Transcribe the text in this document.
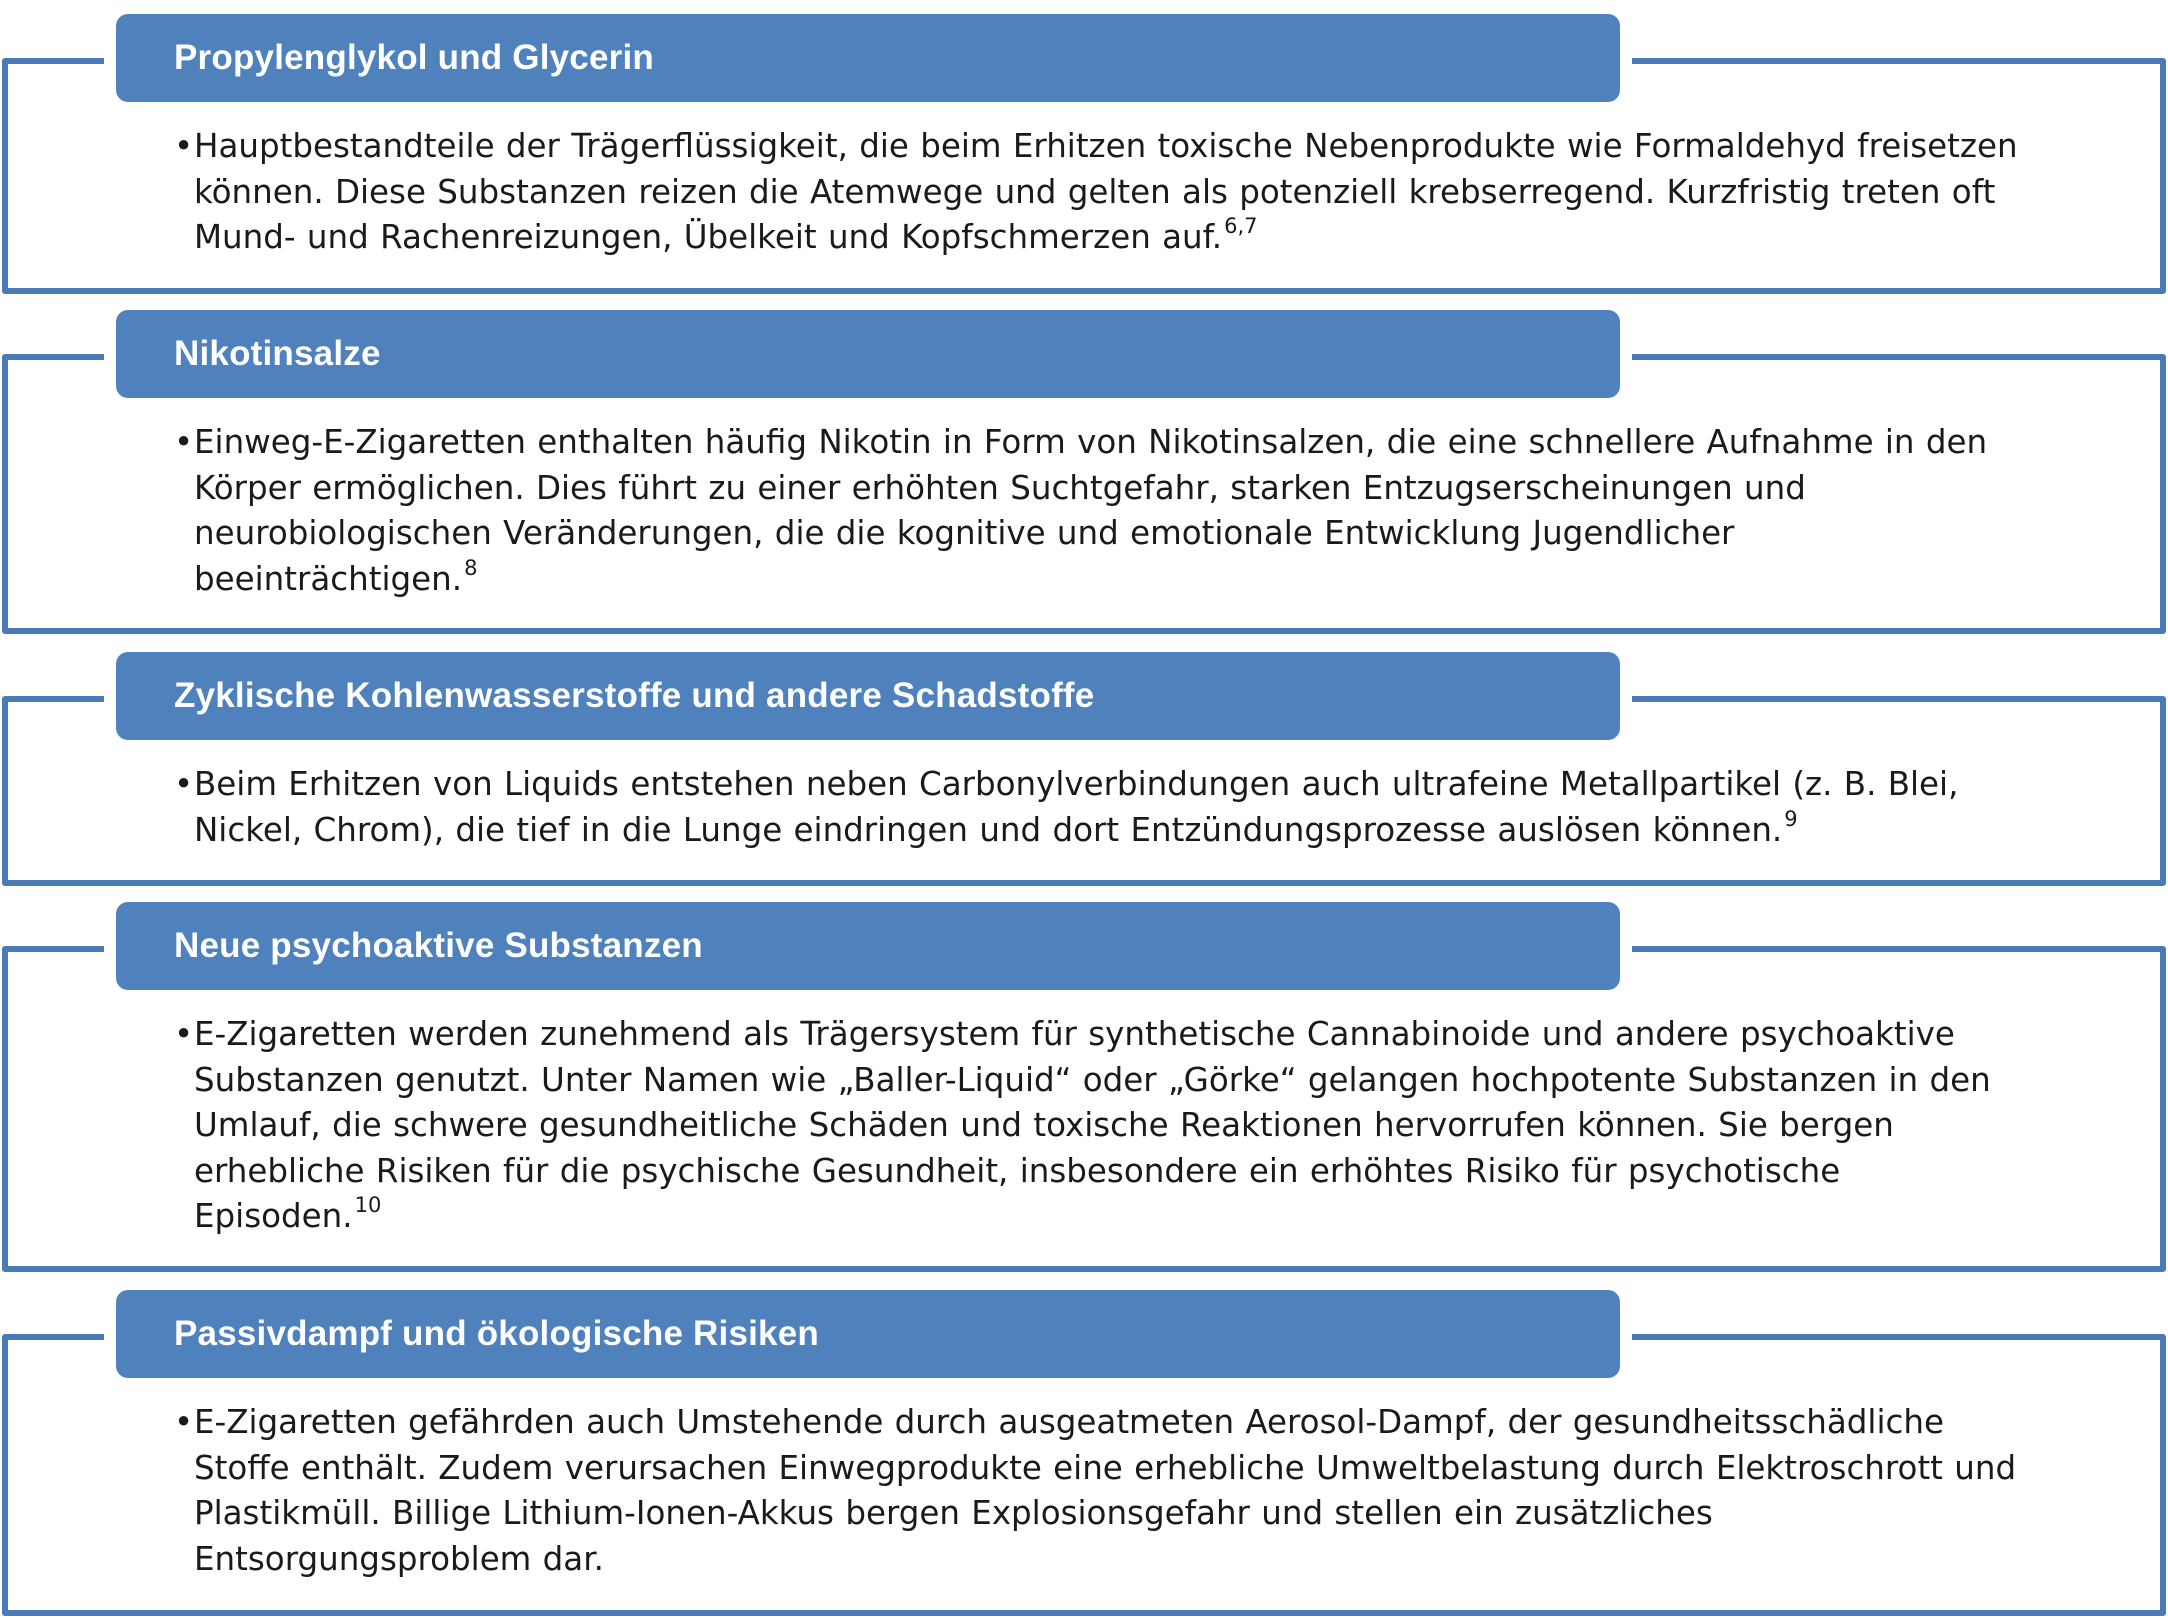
Propylenglykol und Glycerin
• Hauptbestandteile der Trägerflüssigkeit, die beim Erhitzen toxische Nebenprodukte wie Formaldehyd freisetzen können. Diese Substanzen reizen die Atemwege und gelten als potenziell krebserregend. Kurzfristig treten oft Mund- und Rachenreizungen, Übelkeit und Kopfschmerzen auf.$^{6,7}$
Nikotinsalze
• Einweg-E-Zigaretten enthalten häufig Nikotin in Form von Nikotinsalzen, die eine schnellere Aufnahme in den Körper ermöglichen. Dies führt zu einer erhöhten Suchtgefahr, starken Entzugserscheinungen und neurobiologischen Veränderungen, die die kognitive und emotionale Entwicklung Jugendlicher beeinträchtigen.$^8$
Zyklische Kohlenwasserstoffe und andere Schadstoffe
• Beim Erhitzen von Liquids entstehen neben Carbonylverbindungen auch ultrafeine Metallpartikel (z. B. Blei, Nickel, Chrom), die tief in die Lunge eindringen und dort Entzündungsprozesse auslösen können.$^9$
Neue psychoaktive Substanzen
• E-Zigaretten werden zunehmend als Trägersystem für synthetische Cannabinoide und andere psychoaktive Substanzen genutzt. Unter Namen wie „Baller-Liquid“ oder „Görke“ gelangen hochpotente Substanzen in den Umlauf, die schwere gesundheitliche Schäden und toxische Reaktionen hervorrufen können. Sie bergen erhebliche Risiken für die psychische Gesundheit, insbesondere ein erhöhtes Risiko für psychotische Episoden.$^{10}$
Passivdampf und ökologische Risiken
• E-Zigaretten gefährden auch Umstehende durch ausgeatmeten Aerosol-Dampf, der gesundheitsschädliche Stoffe enthält. Zudem verursachen Einwegprodukte eine erhebliche Umweltbelastung durch Elektroschrott und Plastikmüll. Billige Lithium-Ionen-Akkus bergen Explosionsgefahr und stellen ein zusätzliches Entsorgungsproblem dar.
